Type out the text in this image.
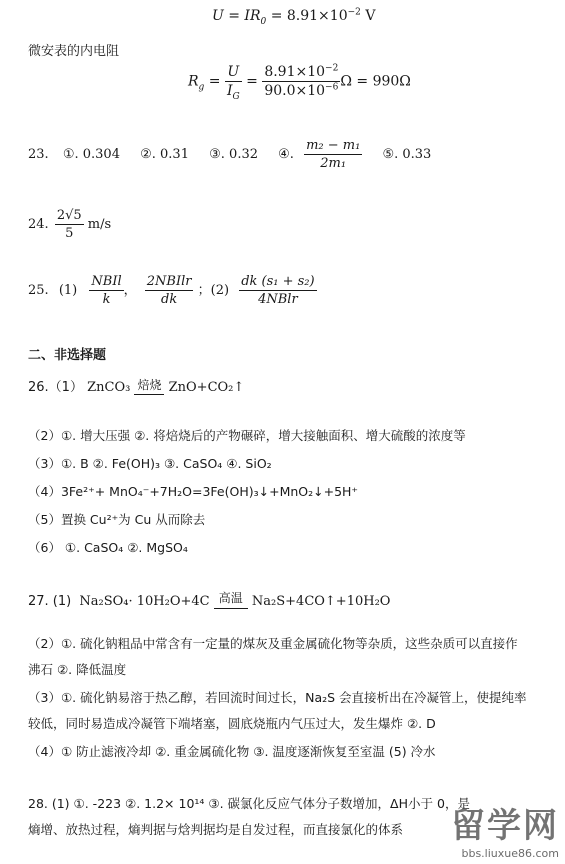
$U = IR_0 = 8.91\times 10^{-2}$ V
微安表的内电阻
$R_g = \frac{U}{I_G} = \frac{8.91\times 10^{-2}}{90.0\times 10^{-6}}$ Ω = 990Ω
23. ①. 0.304 ②. 0.31 ③. 0.32 ④. $\frac{\text{m₂ − m₁}}{\text{2m₁}}$ ⑤. 0.33
24. $\frac{2√5}{5} m/s$
25. $(1) \frac{\text{NBIl}}{k}$ ， $\frac{\text{2NBIlr}}{dk}$ ；$(2) \frac{\text{dk (s₁ + s₂)}}{\text{4NBlr}}$
二、非选择题
26.（1） ZnCO₃ 焙烧 ZnO+CO₂↑
（2）①. 增大压强 ②. 将焙烧后的产物碾碎，增大接触面积、增大硫酸的浓度等
（3）①. B ②. Fe(OH)₃ ③. CaSO₄ ④. SiO₂
（4）3Fe²⁺+ MnO₄⁻+7H₂O=3Fe(OH)₃↓+MnO₂↓+5H⁺
（5）置换 Cu²⁺为 Cu 从而除去
（6） ①. CaSO₄ ②. MgSO₄
27. (1) Na₂SO₄· 10H₂O+4C 高温 Na₂S+4CO↑+10H₂O
（2）①. 硫化钠粗品中常含有一定量的煤灰及重金属硫化物等杂质，这些杂质可以直接作
沸石 ②. 降低温度
（3）①. 硫化钠易溶于热乙醇，若回流时间过长，Na₂S 会直接析出在冷凝管上，使提纯率
较低，同时易造成冷凝管下端堵塞，圆底烧瓶内气压过大，发生爆炸 ②. D
（4）① 防止滤液冷却 ②. 重金属硫化物 ③. 温度逐渐恢复至室温 (5) 冷水
28. (1) ①. -223 ②. 1.2× 10¹⁴ ③. 碳氯化反应气体分子数增加，ΔH小于 0，是
熵增、放热过程，熵判据与焓判据均是自发过程，而直接氯化的体系 留学网
bbs.liuxue86.com
